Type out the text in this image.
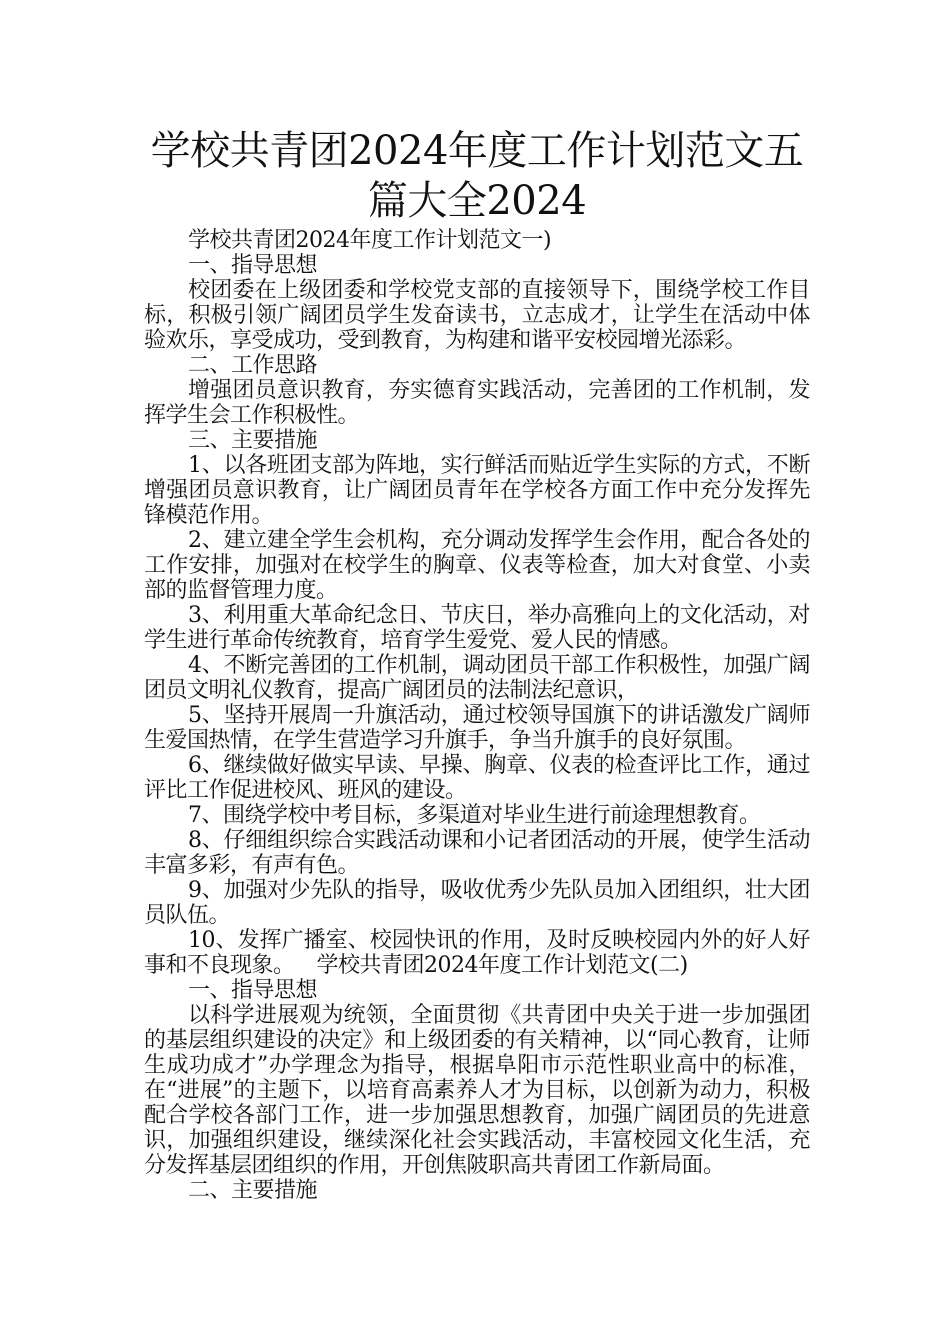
学校共青团2024年度工作计划范文五篇大全2024

学校共青团2024年度工作计划范文一)

一、指导思想

校团委在上级团委和学校党支部的直接领导下，围绕学校工作目标，积极引领广阔团员学生发奋读书，立志成才，让学生在活动中体验欢乐，享受成功，受到教育，为构建和谐平安校园增光添彩。

二、工作思路

增强团员意识教育，夯实德育实践活动，完善团的工作机制，发挥学生会工作积极性。

三、主要措施

1、以各班团支部为阵地，实行鲜活而贴近学生实际的方式，不断增强团员意识教育，让广阔团员青年在学校各方面工作中充分发挥先锋模范作用。

2、建立建全学生会机构，充分调动发挥学生会作用，配合各处的工作安排，加强对在校学生的胸章、仪表等检查，加大对食堂、小卖部的监督管理力度。

3、利用重大革命纪念日、节庆日，举办高雅向上的文化活动，对学生进行革命传统教育，培育学生爱党、爱人民的情感。

4、不断完善团的工作机制，调动团员干部工作积极性，加强广阔团员文明礼仪教育，提高广阔团员的法制法纪意识，

5、坚持开展周一升旗活动，通过校领导国旗下的讲话激发广阔师生爱国热情，在学生营造学习升旗手，争当升旗手的良好氛围。

6、继续做好做实早读、早操、胸章、仪表的检查评比工作，通过评比工作促进校风、班风的建设。

7、围绕学校中考目标，多渠道对毕业生进行前途理想教育。

8、仔细组织综合实践活动课和小记者团活动的开展，使学生活动丰富多彩，有声有色。

9、加强对少先队的指导，吸收优秀少先队员加入团组织，壮大团员队伍。

10、发挥广播室、校园快讯的作用，及时反映校园内外的好人好事和不良现象。 学校共青团2024年度工作计划范文(二)

一、指导思想

以科学进展观为统领，全面贯彻《共青团中央关于进一步加强团的基层组织建设的决定》和上级团委的有关精神，以“同心教育，让师生成功成才”办学理念为指导，根据阜阳市示范性职业高中的标准，在“进展”的主题下，以培育高素养人才为目标，以创新为动力，积极配合学校各部门工作，进一步加强思想教育，加强广阔团员的先进意识，加强组织建设，继续深化社会实践活动，丰富校园文化生活，充分发挥基层团组织的作用，开创焦陂职高共青团工作新局面。

二、主要措施
